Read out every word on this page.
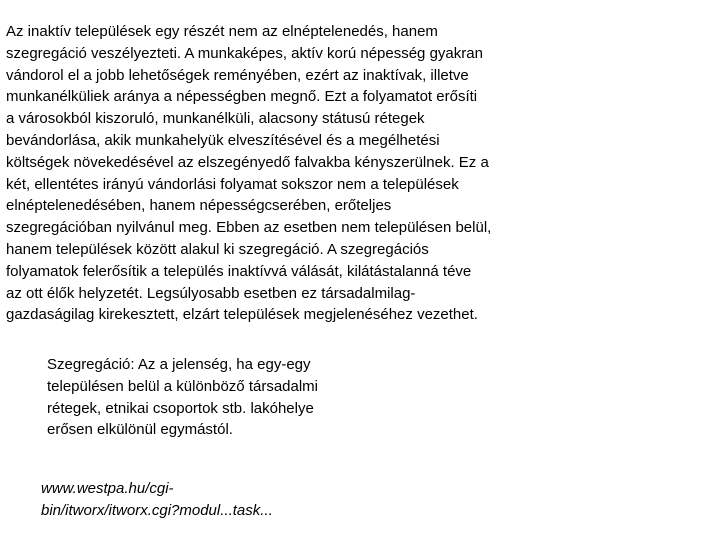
Az inaktív települések egy részét nem az elnéptelenedés, hanem
szegregáció veszélyezteti. A munkaképes, aktív korú népesség gyakran
vándorol el a jobb lehetőségek reményében, ezért az inaktívak, illetve
munkanélküliek aránya a népességben megnő. Ezt a folyamatot erősíti
a városokból kiszoruló, munkanélküli, alacsony státusú rétegek
bevándorlása, akik munkahelyük elveszítésével és a megélhetési
költségek növekedésével az elszegényedő falvakba kényszerülnek. Ez a
két, ellentétes irányú vándorlási folyamat sokszor nem a települések
elnéptelenedésében, hanem népességcserében, erőteljes
szegregációban nyilvánul meg. Ebben az esetben nem településen belül,
hanem települések között alakul ki szegregáció. A szegregációs
folyamatok felerősítik a település inaktívvá válását, kilátástalanná téve
az ott élők helyzetét. Legsúlyosabb esetben ez társadalmilag-
gazdaságilag kirekesztett, elzárt települések megjelenéséhez vezethet.

Szegregáció: Az a jelenség, ha egy-egy
településen belül a különböző társadalmi
rétegek, etnikai csoportok stb. lakóhelye
erősen elkülönül egymástól.

www.westpa.hu/cgi-
bin/itworx/itworx.cgi?modul...task...
